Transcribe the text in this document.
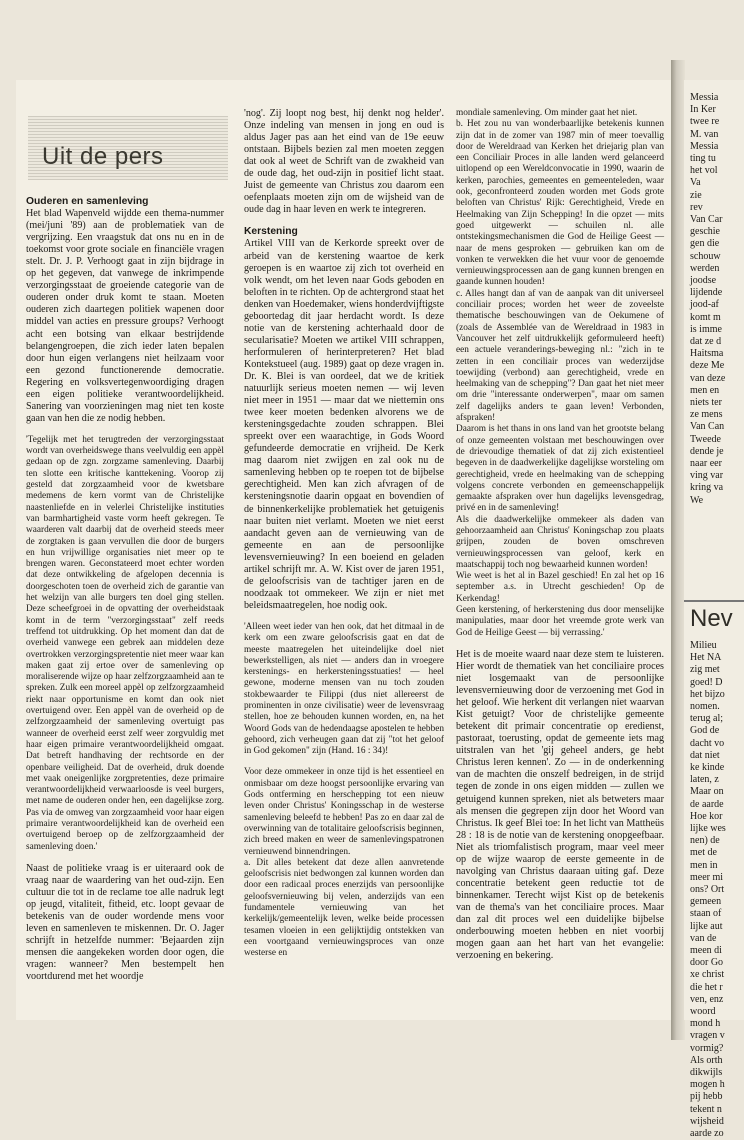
Uit de pers

Ouderen en samenleving

Het blad Wapenveld wijdde een thema-nummer (mei/juni '89) aan de problematiek van de vergrijzing. Een vraagstuk dat ons nu en in de toekomst voor grote sociale en financiële vragen stelt. Dr. J. P. Verhoogt gaat in zijn bijdrage in op het gegeven, dat vanwege de inkrimpende verzorgingsstaat de groeiende categorie van de ouderen onder druk komt te staan. Moeten ouderen zich daartegen politiek wapenen door middel van acties en pressure groups? Verhoogt acht een botsing van elkaar bestrijdende belangengroepen, die zich ieder laten bepalen door hun eigen verlangens niet heilzaam voor een gezond functionerende democratie. Regering en volksvertegenwoordiging dragen een eigen politieke verantwoordelijkheid. Sanering van voorzieningen mag niet ten koste gaan van hen die ze nodig hebben.

'Tegelijk met het terugtreden der verzorgingsstaat wordt van overheidswege thans veelvuldig een appèl gedaan op de zgn. zorgzame samenleving. Daarbij ten slotte een kritische kanttekening. Voorop zij gesteld dat zorgzaamheid voor de kwetsbare medemens de kern vormt van de Christelijke naastenliefde en in velerlei Christelijke instituties van barmhartigheid vaste vorm heeft gekregen. Te waarderen valt daarbij dat de overheid steeds meer de zorgtaken is gaan vervullen die door de burgers en hun vrijwillige organisaties niet meer op te brengen waren. Geconstateerd moet echter worden dat deze ontwikkeling de afgelopen decennia is doorgeschoten toen de overheid zich de garantie van het welzijn van alle burgers ten doel ging stellen. Deze scheefgroei in de opvatting der overheidstaak komt in de term "verzorgingsstaat" zelf reeds treffend tot uitdrukking. Op het moment dan dat de overheid vanwege een gebrek aan middelen deze overtrokken verzorgingspretentie niet meer waar kan maken gaat zij ertoe over de samenleving op moraliserende wijze op haar zelfzorgzaamheid aan te spreken. Zulk een moreel appèl op zelfzorgzaamheid riekt naar opportunisme en komt dan ook niet overtuigend over. Een appèl van de overheid op de zelfzorgzaamheid der samenleving overtuigt pas wanneer de overheid eerst zelf weer zorgvuldig met haar eigen primaire verantwoordelijkheid omgaat. Dat betreft handhaving der rechtsorde en der openbare veiligheid. Dat de overheid, druk doende met vaak oneigenlijke zorgpretenties, deze primaire verantwoordelijkheid verwaarloosde is veel burgers, met name de ouderen onder hen, een dagelijkse zorg. Pas via de omweg van zorgzaamheid voor haar eigen primaire verantwoordelijkheid kan de overheid een overtuigend beroep op de zelfzorgzaamheid der samenleving doen.'

Naast de politieke vraag is er uiteraard ook de vraag naar de waardering van het oud-zijn. Een cultuur die tot in de reclame toe alle nadruk legt op jeugd, vitaliteit, fitheid, etc. loopt gevaar de betekenis van de ouder wordende mens voor leven en samenleven te miskennen. Dr. O. Jager schrijft in hetzelfde nummer: 'Bejaarden zijn mensen die aangekeken worden door ogen, die vragen: wanneer? Men bestempelt hen voortdurend met het woordje

'nog'. Zij loopt nog best, hij denkt nog helder'. Onze indeling van mensen in jong en oud is aldus Jager pas aan het eind van de 19e eeuw ontstaan. Bijbels bezien zal men moeten zeggen dat ook al weet de Schrift van de zwakheid van de oude dag, het oud-zijn in positief licht staat. Juist de gemeente van Christus zou daarom een oefenplaats moeten zijn om de wijsheid van de oude dag in haar leven en werk te integreren.

Kerstening

Artikel VIII van de Kerkorde spreekt over de arbeid van de kerstening waartoe de kerk geroepen is en waartoe zij zich tot overheid en volk wendt, om het leven naar Gods geboden en beloften in te richten. Op de achtergrond staat het denken van Hoedemaker, wiens honderdvijftigste geboortedag dit jaar herdacht wordt. Is deze notie van de kerstening achterhaald door de secularisatie? Moeten we artikel VIII schrappen, herformuleren of herinterpreteren? Het blad Kontekstueel (aug. 1989) gaat op deze vragen in. Dr. K. Blei is van oordeel, dat we de kritiek natuurlijk serieus moeten nemen — wij leven niet meer in 1951 — maar dat we niettemin ons twee keer moeten bedenken alvorens we de kersteningsgedachte zouden schrappen. Blei spreekt over een waarachtige, in Gods Woord gefundeerde democratie en vrijheid. De Kerk mag daarom niet zwijgen en zal ook nu de samenleving hebben op te roepen tot de bijbelse gerechtigheid. Men kan zich afvragen of de kersteningsnotie daarin opgaat en bovendien of de binnenkerkelijke problematiek het getuigenis naar buiten niet verlamt. Moeten we niet eerst aandacht geven aan de vernieuwing van de gemeente en aan de persoonlijke levensvernieuwing? In een boeiend en geladen artikel schrijft mr. A. W. Kist over de jaren 1951, de geloofscrisis van de tachtiger jaren en de noodzaak tot ommekeer. We zijn er niet met beleidsmaatregelen, hoe nodig ook.

'Alleen weet ieder van hen ook, dat het ditmaal in de kerk om een zware geloofscrisis gaat en dat de meeste maatregelen het uiteindelijke doel niet bewerkstelligen, als niet — anders dan in vroegere kerstenings- en herkersteningsstuaties! — heel gewone, moderne mensen van nu toch zouden stokbewaarder te Filippi (dus niet allereerst de prominenten in onze civilisatie) weer de levensvraag stellen, hoe ze behouden kunnen worden, en, na het Woord Gods van de hedendaagse apostelen te hebben gehoord, zich verheugen gaan dat zij "tot het geloof in God gekomen" zijn (Hand. 16 : 34)!

Voor deze ommekeer in onze tijd is het essentieel en onmisbaar om deze hoogst persoonlijke ervaring van Gods ontferming en herschepping tot een nieuw leven onder Christus' Koningsschap in de westerse samenleving beleefd te hebben! Pas zo en daar zal de overwinning van de totalitaire geloofscrisis beginnen, zich breed maken en weer de samenlevingspatronen vernieuwend binnendringen.

a. Dit alles betekent dat deze allen aanvretende geloofscrisis niet bedwongen zal kunnen worden dan door een radicaal proces enerzijds van persoonlijke geloofsvernieuwing bij velen, anderzijds van een fundamentele vernieuwing van het kerkelijk/gemeentelijk leven, welke beide processen tesamen vloeien in een gelijktijdig ontstekken van een voortgaand vernieuwingsproces van onze westerse en

mondiale samenleving. Om minder gaat het niet.

b. Het zou nu van wonderbaarlijke betekenis kunnen zijn dat in de zomer van 1987 min of meer toevallig door de Wereldraad van Kerken het driejarig plan van een Conciliair Proces in alle landen werd gelanceerd uitlopend op een Wereldconvocatie in 1990, waarin de kerken, parochies, gemeentes en gemeenteleden, waar ook, geconfronteerd zouden worden met Gods grote beloften van Christus' Rijk: Gerechtigheid, Vrede en Heelmaking van Zijn Schepping! In die opzet — mits goed uitgewerkt — schuilen nl. alle ontstekingsmechanismen die God de Heilige Geest — naar de mens gesproken — gebruiken kan om de vonken te verwekken die het vuur voor de genoemde vernieuwingsprocessen aan de gang kunnen brengen en gaande kunnen houden!

c. Alles hangt dan af van de aanpak van dit universeel conciliair proces; worden het weer de zoveelste thematische beschouwingen van de Oekumene of (zoals de Assemblée van de Wereldraad in 1983 in Vancouver het zelf uitdrukkelijk geformuleerd heeft) een actuele veranderings-beweging nl.: "zich in te zetten in een conciliair proces van wederzijdse toewijding (verbond) aan gerechtigheid, vrede en heelmaking van de schepping"? Dan gaat het niet meer om drie "interessante onderwerpen", maar om samen zelf dagelijks anders te gaan leven! Verbonden, afspraken!

Daarom is het thans in ons land van het grootste belang of onze gemeenten volstaan met beschouwingen over de drievoudige thematiek of dat zij zich existentieel begeven in de daadwerkelijke dagelijkse worsteling om gerechtigheid, vrede en heelmaking van de schepping volgens concrete verbonden en gemeenschappelijk gemaakte afspraken over hun dagelijks levensgedrag, privé en in de samenleving!

Als die daadwerkelijke ommekeer als daden van gehoorzaamheid aan Christus' Koningschap zou plaats grijpen, zouden de boven omschreven vernieuwingsprocessen van geloof, kerk en maatschappij toch nog bewaarheid kunnen worden!

Wie weet is het al in Bazel geschied! En zal het op 16 september a.s. in Utrecht geschieden! Op de Kerkendag!

Geen kerstening, of herkerstening dus door menselijke manipulaties, maar door het vreemde grote werk van God de Heilige Geest — bij verrassing.'

Het is de moeite waard naar deze stem te luisteren. Hier wordt de thematiek van het conciliaire proces niet losgemaakt van de persoonlijke levensvernieuwing door de verzoening met God in het geloof. Wie herkent dit verlangen niet waarvan Kist getuigt? Voor de christelijke gemeente betekent dit primair concentratie op eredienst, pastoraat, toerusting, opdat de gemeente iets mag uitstralen van het 'gij geheel anders, ge hebt Christus leren kennen'. Zo — in de onderkenning van de machten die onszelf bedreigen, in de strijd tegen de zonde in ons eigen midden — zullen we getuigend kunnen spreken, niet als betweters maar als mensen die gegrepen zijn door het Woord van Christus. Ik geef Blei toe: In het licht van Mattheüs 28 : 18 is de notie van de kerstening onopgeefbaar. Niet als triomfalistisch program, maar veel meer op de wijze waarop de eerste gemeente in de navolging van Christus daaraan uiting gaf. Deze concentratie betekent geen reductie tot de binnenkamer. Terecht wijst Kist op de betekenis van de thema's van het conciliaire proces. Maar dan zal dit proces wel een duidelijke bijbelse onderbouwing moeten hebben en niet voorbij mogen gaan aan het hart van het evangelie: verzoening en bekering.

Messia
In Ker
twee re
M. van
Messia
ting tu
het vol
Va
zie
rev
Van Car
geschie
gen die
schouw
werden
joodse
lijdende
jood-af
komt m
is imme
dat ze d
Haitsma
deze Me
van deze
men en
niets ter
ze mens
Van Can
Tweede
dende je
naar eer
ving var
kring va
We
Nev
Milieu
Het NA
zig met
goed! D
het bijzo
nomen.
terug al;
God de
dacht vo
dat niet
ke kinde
laten, z
Maar on
de aarde
Hoe kor
lijke wes
nen) de
met de
men in
meer mi
ons? Ort
gemeen
staan of
lijke aut
van de
meen di
door Go
xe christ
die het r
ven, enz
woord
mond h
vragen v
vormig?
Als orth
dikwijls
mogen h
pij hebb
tekent n
wijsheid
aarde zo
